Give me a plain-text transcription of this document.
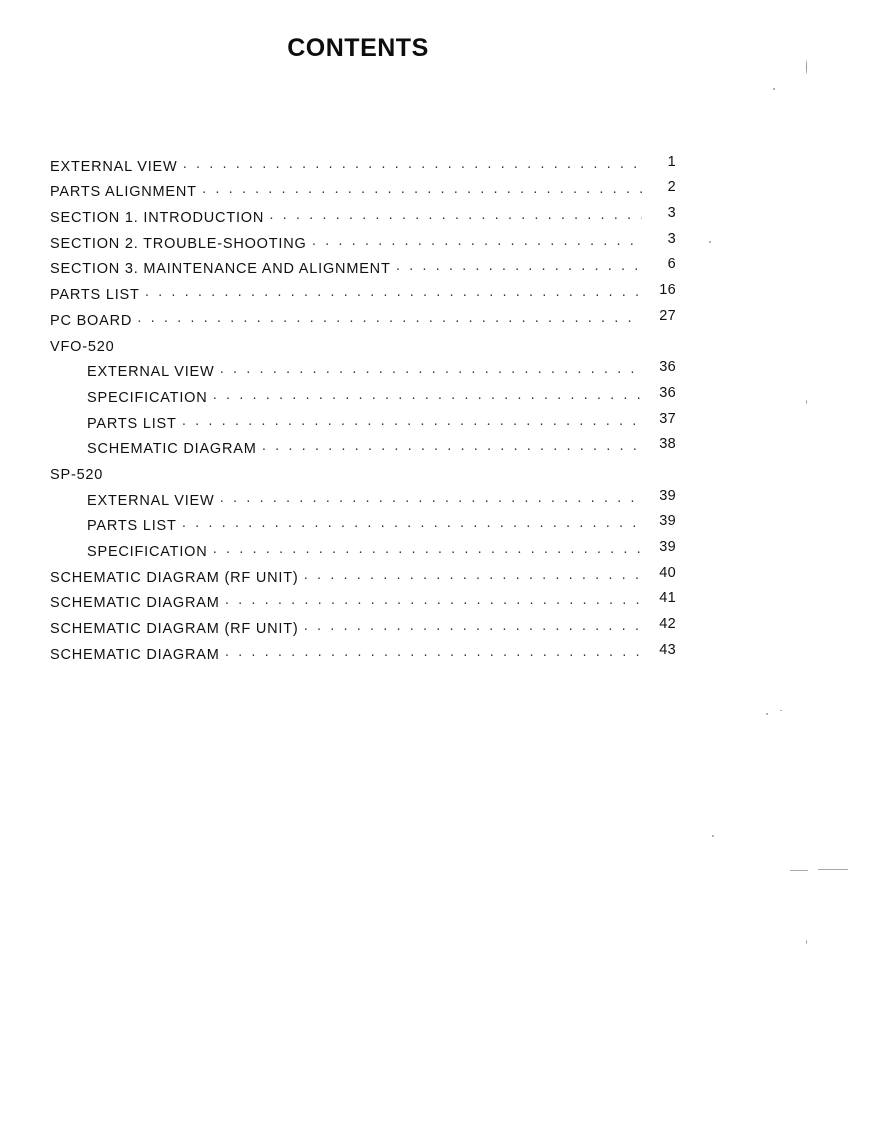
CONTENTS
EXTERNAL VIEW . . .	1
PARTS ALIGNMENT . . .	2
SECTION 1. INTRODUCTION . . .	3
SECTION 2. TROUBLE-SHOOTING . . .	3
SECTION 3. MAINTENANCE AND ALIGNMENT . . .	6
PARTS LIST . . .	16
PC BOARD . . .	27
VFO-520
EXTERNAL VIEW . . .	36
SPECIFICATION . . .	36
PARTS LIST . . .	37
SCHEMATIC DIAGRAM . . .	38
SP-520
EXTERNAL VIEW . . .	39
PARTS LIST . . .	39
SPECIFICATION . . .	39
SCHEMATIC DIAGRAM (RF UNIT) . . .	40
SCHEMATIC DIAGRAM . . .	41
SCHEMATIC DIAGRAM (RF UNIT) . . .	42
SCHEMATIC DIAGRAM . . .	43
